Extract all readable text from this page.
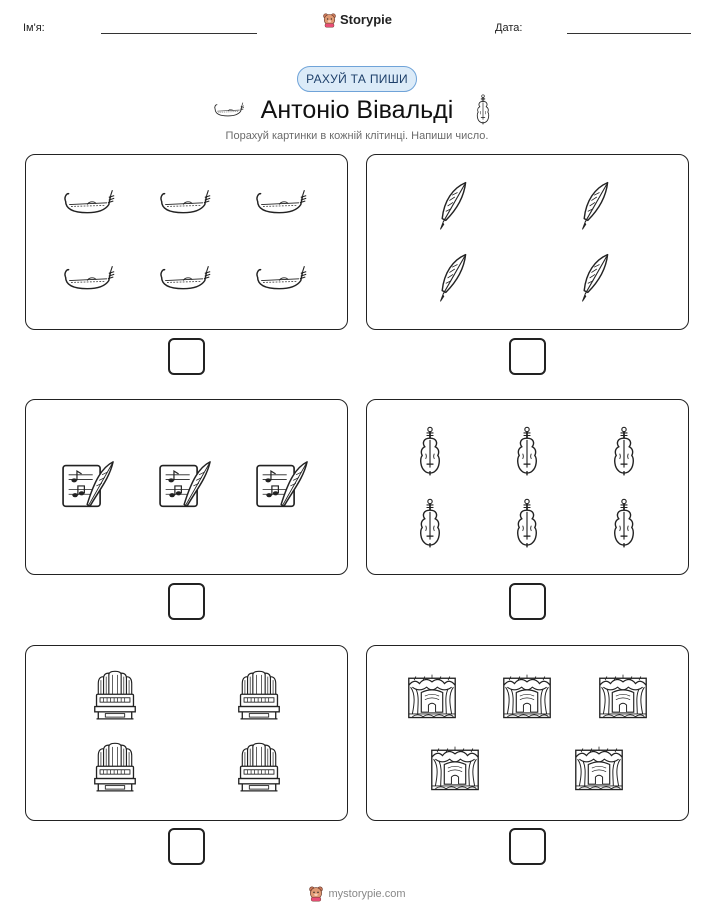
Ім'я:
Storypie
Дата:
РАХУЙ ТА ПИШИ
Антоніо Вівальді
Порахуй картинки в кожній клітинці. Напиши число.
mystorypie.com
